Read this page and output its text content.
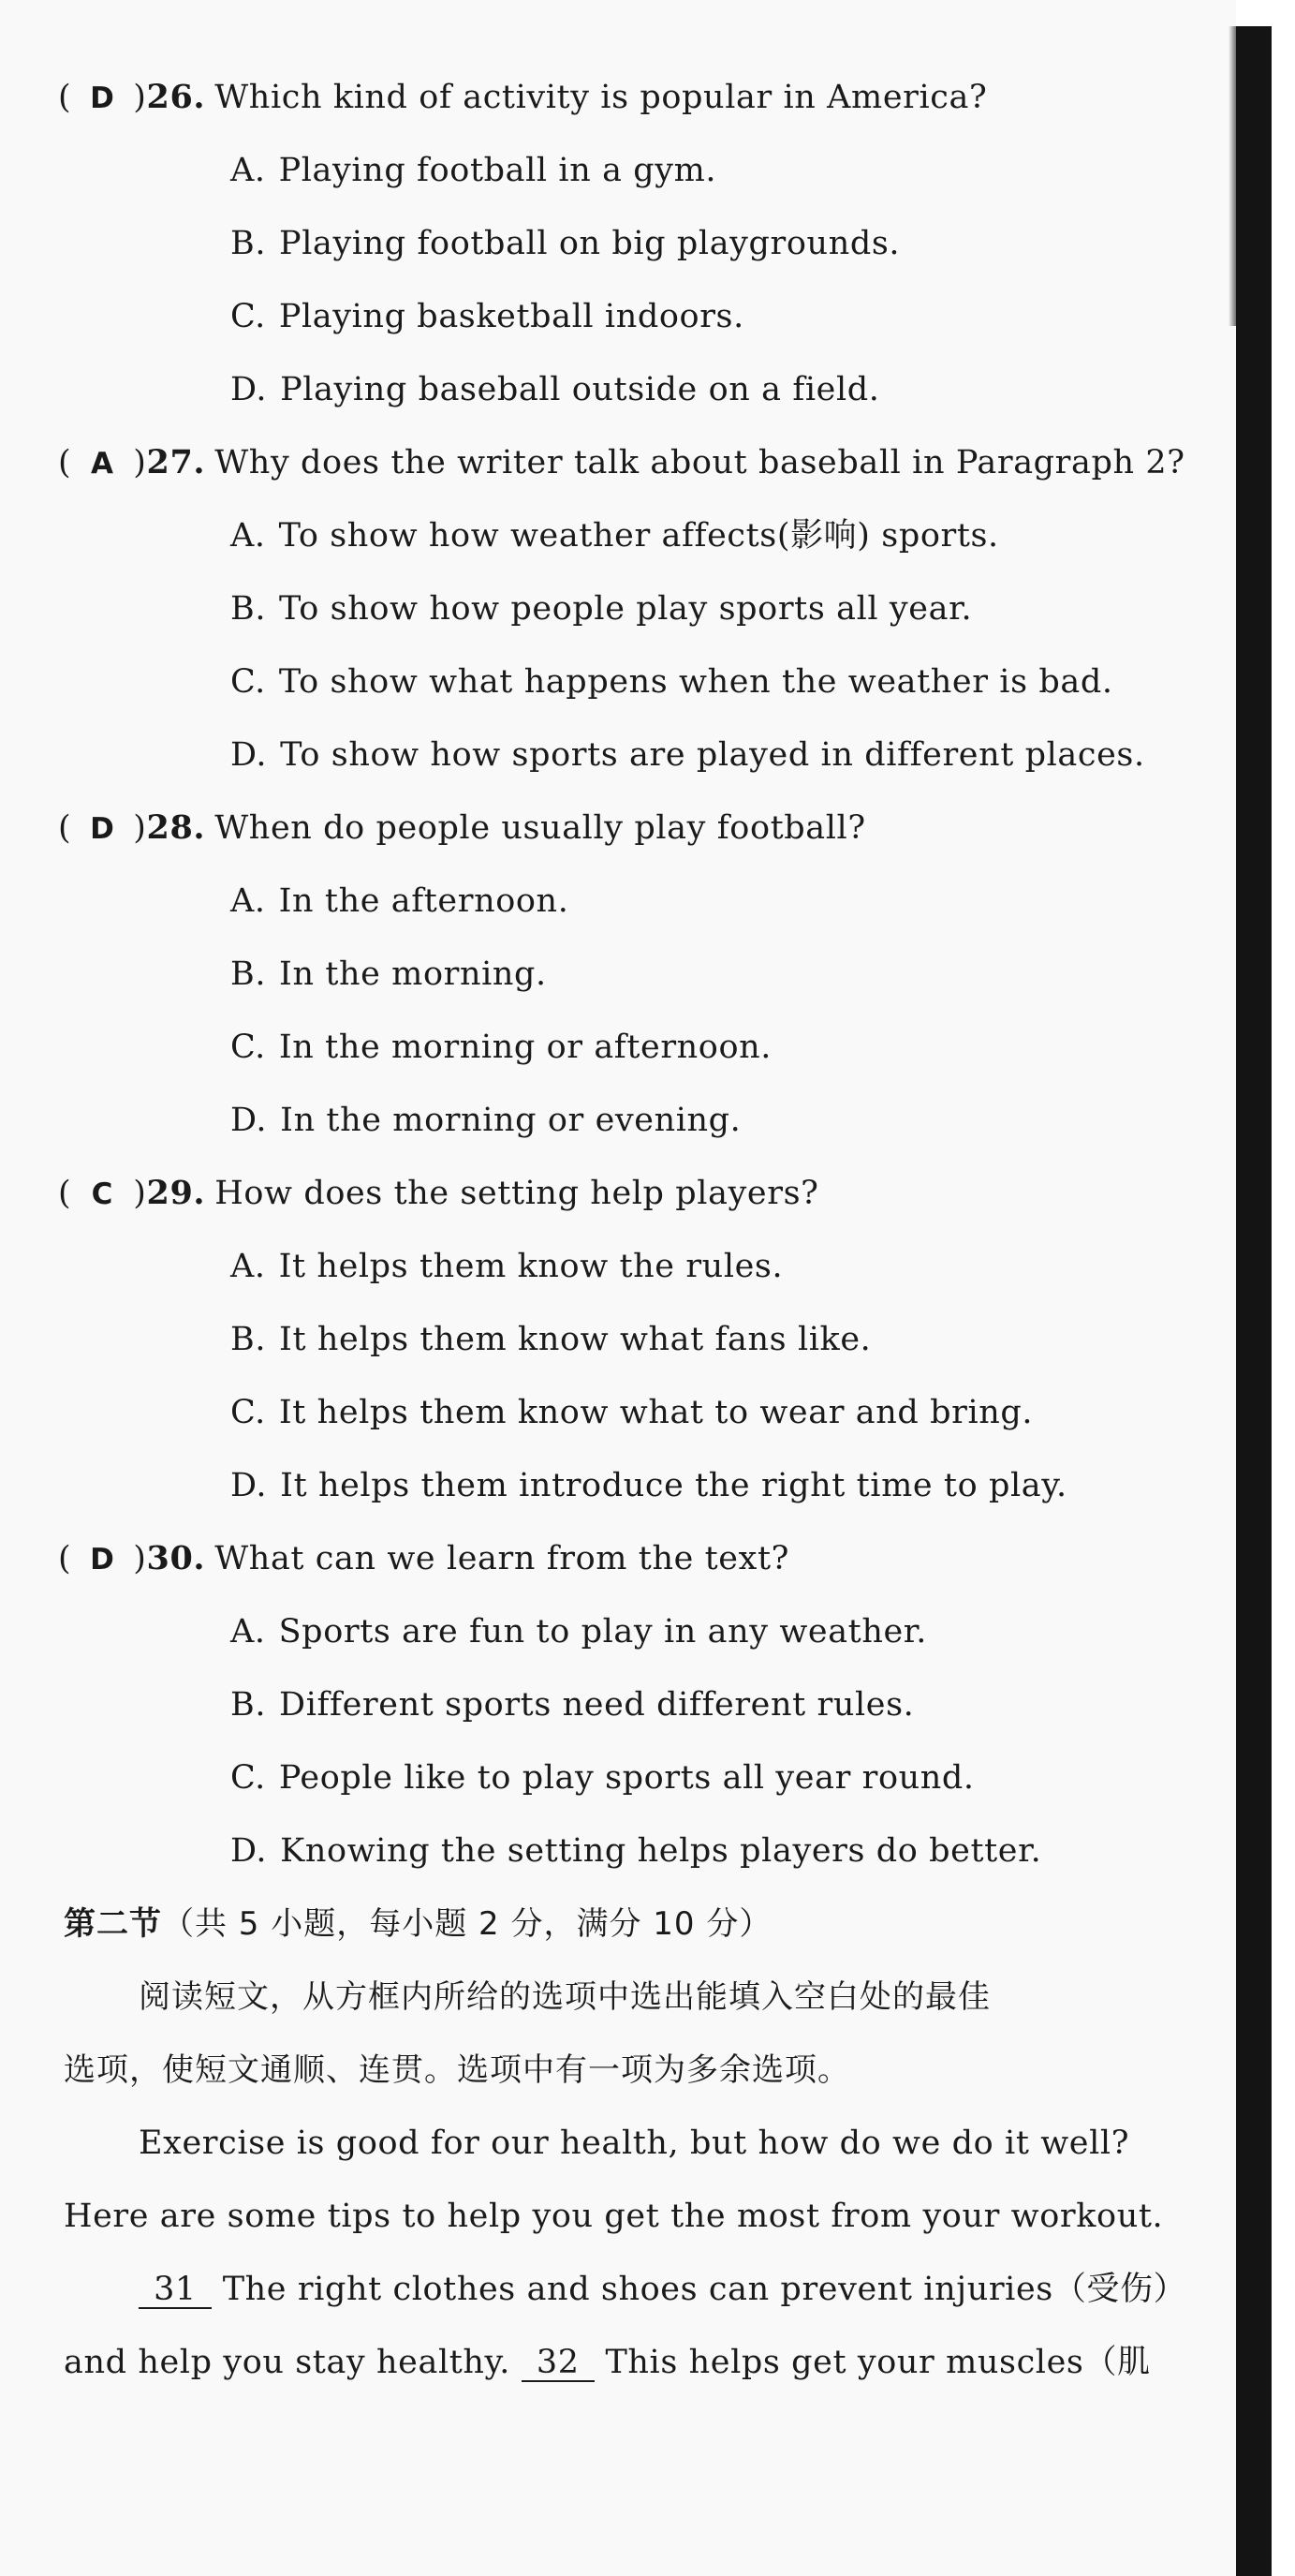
( D )26. Which kind of activity is popular in America?
A. Playing football in a gym.
B. Playing football on big playgrounds.
C. Playing basketball indoors.
D. Playing baseball outside on a field.
( A )27. Why does the writer talk about baseball in Paragraph 2?
A. To show how weather affects(影响) sports.
B. To show how people play sports all year.
C. To show what happens when the weather is bad.
D. To show how sports are played in different places.
( D )28. When do people usually play football?
A. In the afternoon.
B. In the morning.
C. In the morning or afternoon.
D. In the morning or evening.
( C )29. How does the setting help players?
A. It helps them know the rules.
B. It helps them know what fans like.
C. It helps them know what to wear and bring.
D. It helps them introduce the right time to play.
( D )30. What can we learn from the text?
A. Sports are fun to play in any weather.
B. Different sports need different rules.
C. People like to play sports all year round.
D. Knowing the setting helps players do better.
第二节（共 5 小题，每小题 2 分，满分 10 分）
阅读短文，从方框内所给的选项中选出能填入空白处的最佳
选项，使短文通顺、连贯。选项中有一项为多余选项。
Exercise is good for our health, but how do we do it well?
Here are some tips to help you get the most from your workout.
31 The right clothes and shoes can prevent injuries（受伤）
and help you stay healthy. 32 This helps get your muscles（肌
